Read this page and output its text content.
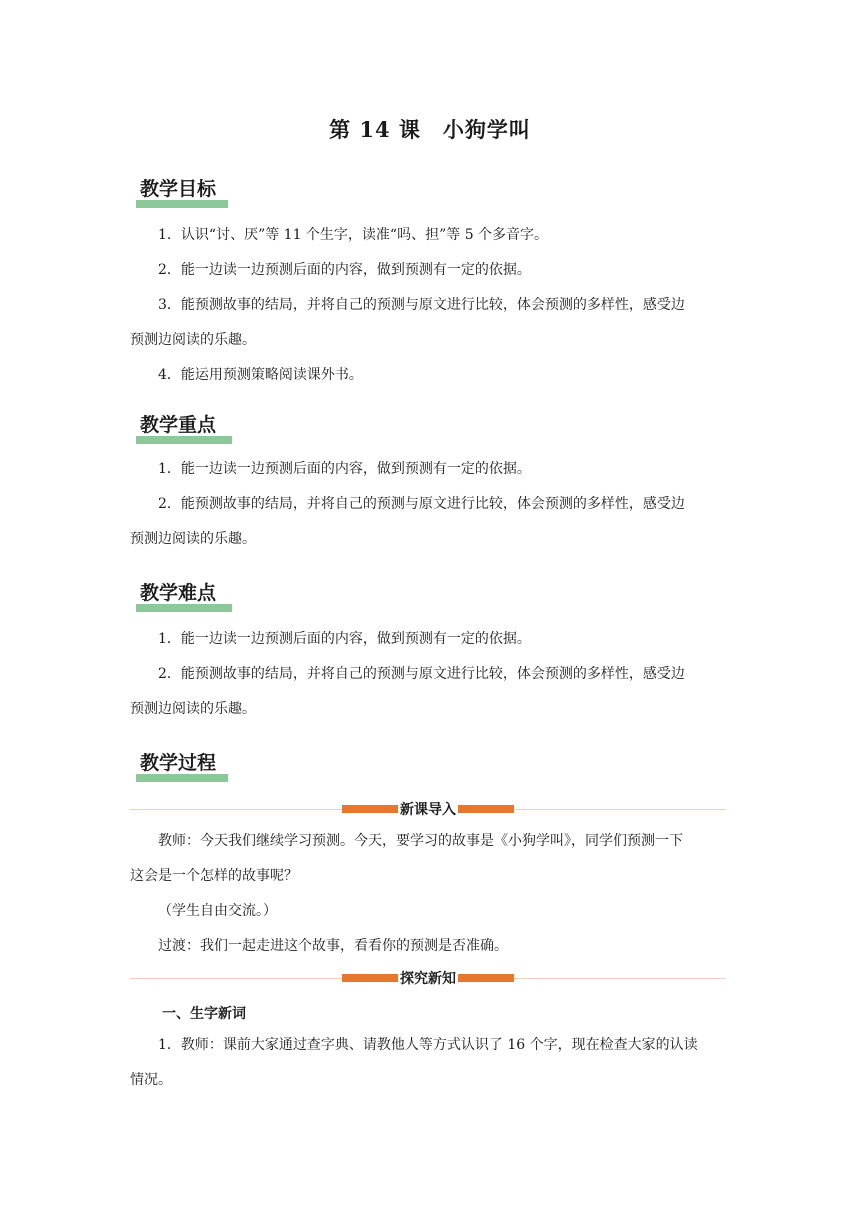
第 14 课　小狗学叫
教学目标

1．认识“讨、厌”等 11 个生字，读准“吗、担”等 5 个多音字。

2．能一边读一边预测后面的内容，做到预测有一定的依据。

3．能预测故事的结局，并将自己的预测与原文进行比较，体会预测的多样性，感受边

预测边阅读的乐趣。

4．能运用预测策略阅读课外书。

教学重点

1．能一边读一边预测后面的内容，做到预测有一定的依据。

2．能预测故事的结局，并将自己的预测与原文进行比较，体会预测的多样性，感受边

预测边阅读的乐趣。

教学难点

1．能一边读一边预测后面的内容，做到预测有一定的依据。

2．能预测故事的结局，并将自己的预测与原文进行比较，体会预测的多样性，感受边

预测边阅读的乐趣。

教学过程
新课导入

教师：今天我们继续学习预测。今天，要学习的故事是《小狗学叫》，同学们预测一下

这会是一个怎样的故事呢？

（学生自由交流。）

过渡：我们一起走进这个故事，看看你的预测是否准确。

探究新知
一、生字新词

1．教师：课前大家通过查字典、请教他人等方式认识了 16 个字，现在检查大家的认读

情况。
